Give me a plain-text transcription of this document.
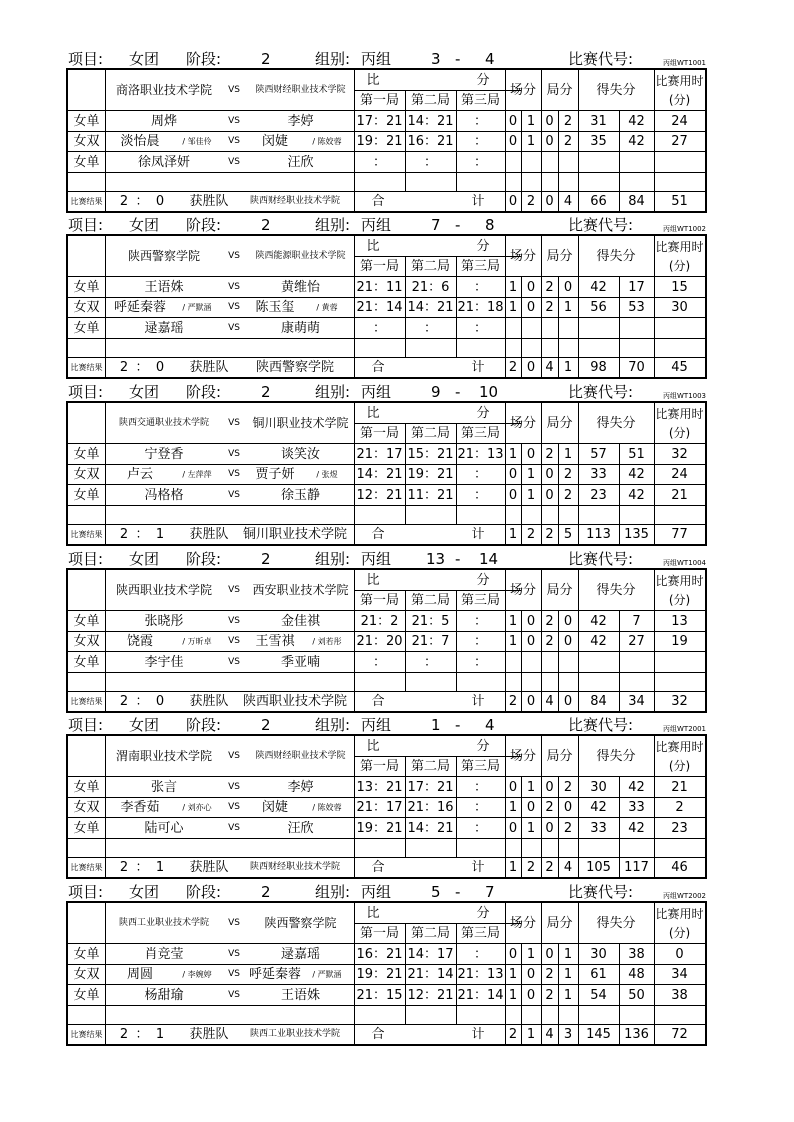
项目: 女团 阶段:	2	组别: 丙组	3 - 4	比赛代号:	丙组WT1001
商洛职业技术学院	VS	陕西财经职业技术学院
比	分
第一局 第二局 第三局
场分 局分	得失分
比赛用时
(分)
女单	周烨	VS	李婷	17：21 14：21	：	0 1 0 2	31	42	24
女双	淡怡晨	/ 邹佳伶	VS	闵婕	/ 陈姣蓉	19：21 16：21	：	0 1 0 2	35	42	27
女单	徐凤泽妍	VS	汪欣	：	：	：
比赛结果 2 ： 0	获胜队	陕西财经职业技术学院	合	计 0 2 0 4	66	84	51
项目: 女团 阶段:	2	组别: 丙组	7 - 8	比赛代号:	丙组WT1002
陕西警察学院	VS	陕西能源职业技术学院
比	分
第一局 第二局 第三局
场分 局分	得失分
比赛用时
(分)
女单	王语姝	VS	黄维怡	21：11 21：6	：	1 0 2 0	42	17	15
女双	呼延秦蓉	/ 严默涵	VS	陈玉玺	/ 黄蓉	21：14 14：21 21：18 1 0 2 1	56	53	30
女单	逯嘉瑶	VS	康萌萌	：	：	：
比赛结果 2 ： 0	获胜队	陕西警察学院	合	计 2 0 4 1	98	70	45
项目: 女团 阶段:	2	组别: 丙组	9 - 10	比赛代号:	丙组WT1003
陕西交通职业技术学院	VS	铜川职业技术学院
比	分
第一局 第二局 第三局
场分 局分	得失分
比赛用时
(分)
女单	宁登香	VS	谈笑汝	21：17 15：21 21：13 1 0 2 1	57	51	32
女双	卢云	/ 左萍萍	VS	贾子妍	/ 张煜	14：21 19：21	：	0 1 0 2	33	42	24
女单	冯格格	VS	徐玉静	12：21 11：21	：	0 1 0 2	23	42	21
比赛结果 2 ： 1	获胜队	铜川职业技术学院	合	计 1 2 2 5	113	135	77
项目: 女团 阶段:	2	组别: 丙组 13 - 14	比赛代号:	丙组WT1004
陕西职业技术学院	VS	西安职业技术学院
比	分
第一局 第二局 第三局
场分 局分	得失分
比赛用时
(分)
女单	张晓彤	VS	金佳祺	21：2	21：5	：	1 0 2 0	42	7	13
女双	饶霞	/ 万昕卓	VS	王雪祺	/ 刘若彤	21：20 21：7	：	1 0 2 0	42	27	19
女单	李宇佳	VS	季亚喃	：	：	：
比赛结果 2 ： 0	获胜队	陕西职业技术学院	合	计 2 0 4 0	84	34	32
项目: 女团 阶段:	2	组别: 丙组	1 - 4	比赛代号:	丙组WT2001
渭南职业技术学院	VS	陕西财经职业技术学院
比	分
第一局 第二局 第三局
场分 局分	得失分
比赛用时
(分)
女单	张言	VS	李婷	13：21 17：21	：	0 1 0 2	30	42	21
女双	李香茹	/ 刘亦心	VS	闵婕	/ 陈姣蓉	21：17 21：16	：	1 0 2 0	42	33	2
女单	陆可心	VS	汪欣	19：21 14：21	：	0 1 0 2	33	42	23
比赛结果 2 ： 1	获胜队	陕西财经职业技术学院	合	计 1 2 2 4	105	117	46
项目: 女团 阶段:	2	组别: 丙组	5 - 7	比赛代号:	丙组WT2002
陕西工业职业技术学院	VS	陕西警察学院
比	分
第一局 第二局 第三局
场分 局分	得失分
比赛用时
(分)
女单	肖竞莹	VS	逯嘉瑶	16：21 14：17	：	0 1 0 1	30	38	0
女双	周圆	/ 李婉婷	VS 呼延秦蓉	/ 严默涵	19：21 21：14 21：13 1 0 2 1	61	48	34
女单	杨甜瑜	VS	王语姝	21：15 12：21 21：14 1 0 2 1	54	50	38
比赛结果 2 ： 1	获胜队	陕西工业职业技术学院	合	计 2 1 4 3	145	136	72
